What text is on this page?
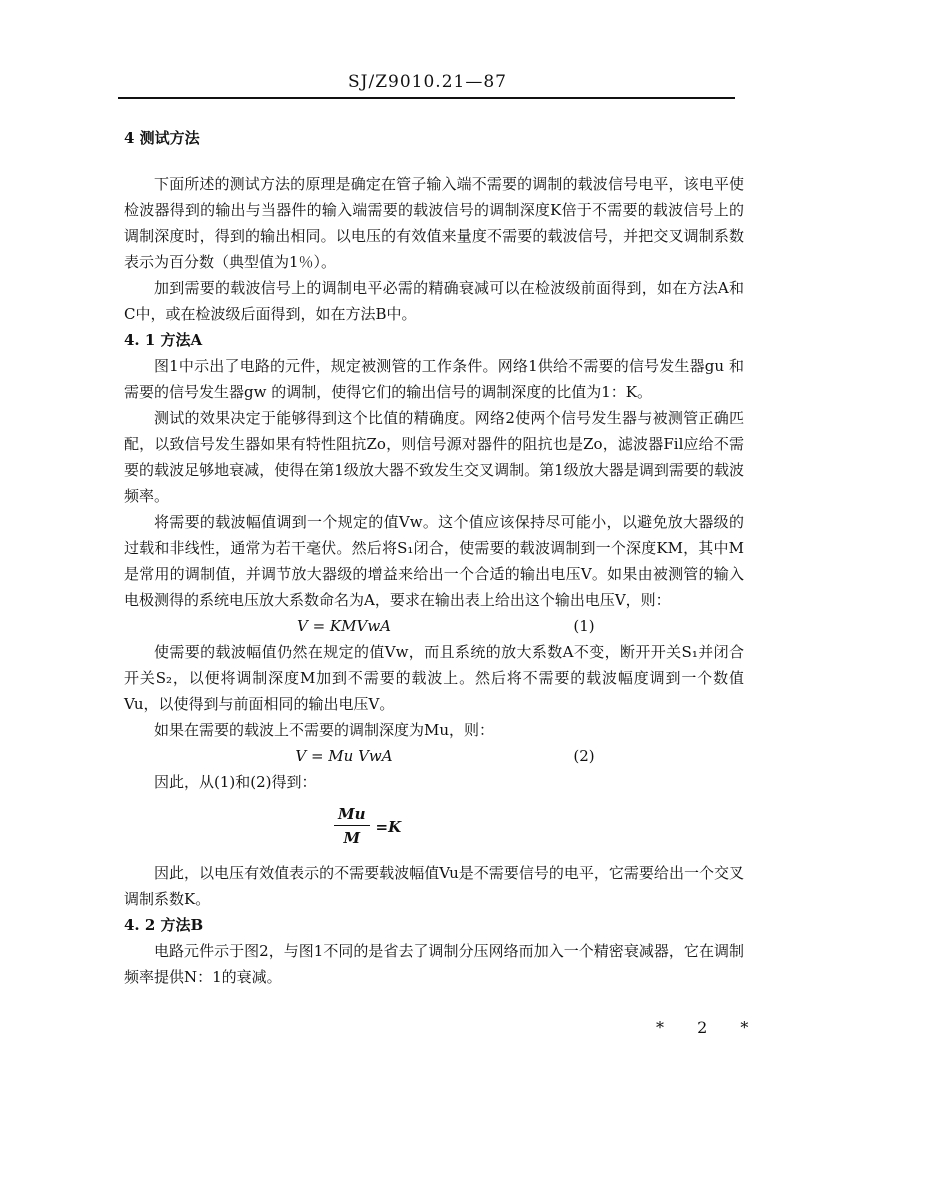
SJ/Z9010.21—87

4 测试方法

下面所述的测试方法的原理是确定在管子输入端不需要的调制的载波信号电平，该电平使检波器得到的输出与当器件的输入端需要的载波信号的调制深度K倍于不需要的载波信号上的调制深度时，得到的输出相同。以电压的有效值来量度不需要的载波信号，并把交叉调制系数表示为百分数（典型值为1％）。

加到需要的载波信号上的调制电平必需的精确衰减可以在检波级前面得到，如在方法A和C中，或在检波级后面得到，如在方法B中。

4. 1 方法A

图1中示出了电路的元件，规定被测管的工作条件。网络1供给不需要的信号发生器gu 和需要的信号发生器gw 的调制，使得它们的输出信号的调制深度的比值为1：K。

测试的效果决定于能够得到这个比值的精确度。网络2使两个信号发生器与被测管正确匹配，以致信号发生器如果有特性阻抗Zo，则信号源对器件的阻抗也是Zo，滤波器Fil应给不需要的载波足够地衰减，使得在第1级放大器不致发生交叉调制。第1级放大器是调到需要的载波频率。

将需要的载波幅值调到一个规定的值Vw。这个值应该保持尽可能小，以避免放大器级的过载和非线性，通常为若干毫伏。然后将S₁闭合，使需要的载波调制到一个深度KM，其中M是常用的调制值，并调节放大器级的增益来给出一个合适的输出电压V。如果由被测管的输入电极测得的系统电压放大系数命名为A，要求在输出表上给出这个输出电压V，则：

V = KMVwA	(1)

使需要的载波幅值仍然在规定的值Vw，而且系统的放大系数A不变，断开开关S₁并闭合开关S₂，以便将调制深度M加到不需要的载波上。然后将不需要的载波幅度调到一个数值Vu，以使得到与前面相同的输出电压V。

如果在需要的载波上不需要的调制深度为Mu，则：

V = Mu VwA	(2)

因此，从(1)和(2)得到：

$\frac{Mu}{M} =K$

因此，以电压有效值表示的不需要载波幅值Vu是不需要信号的电平，它需要给出一个交叉调制系数K。

4. 2 方法B

电路元件示于图2，与图1不同的是省去了调制分压网络而加入一个精密衰减器，它在调制频率提供N：1的衰减。

* 2 *
